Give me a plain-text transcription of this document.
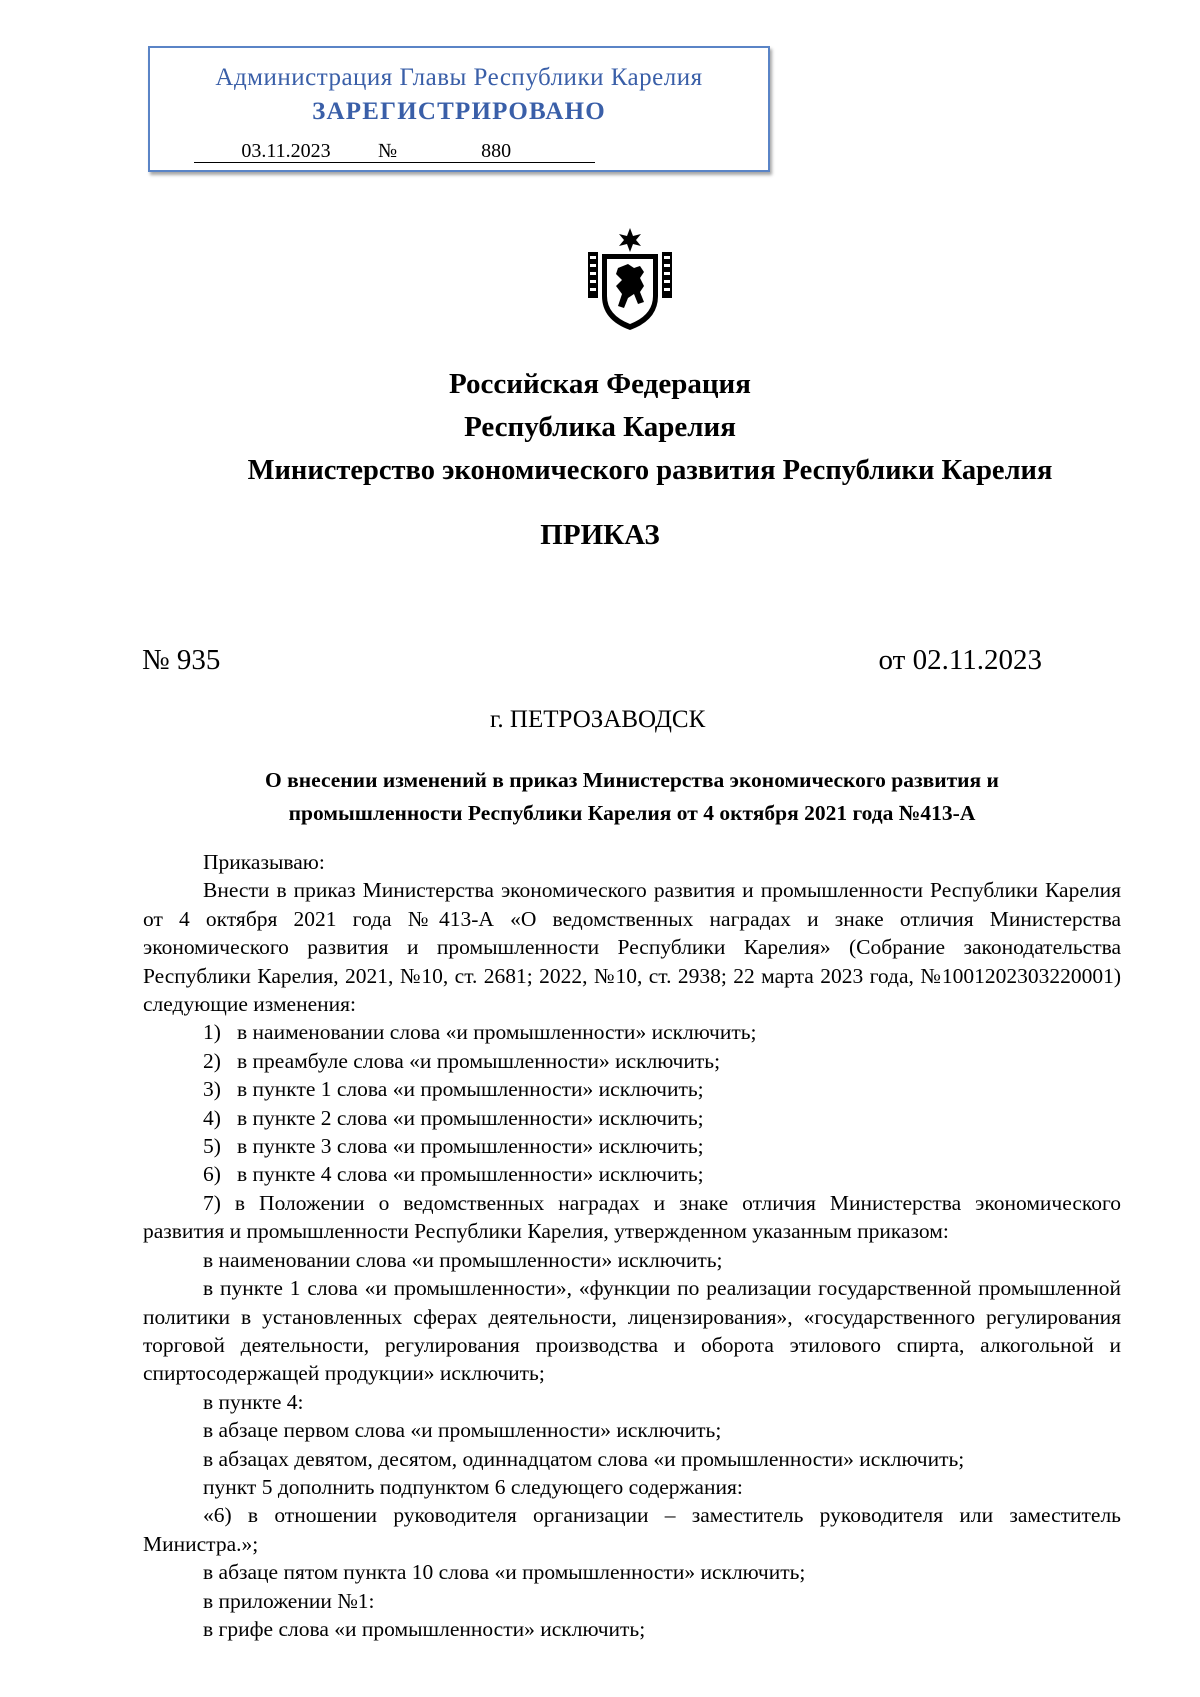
Администрация Главы Республики Карелия
ЗАРЕГИСТРИРОВАНО
03.11.2023 №	880
Российская Федерация
Республика Карелия
Министерство экономического развития Республики Карелия
ПРИКАЗ
№ 935	от 02.11.2023
г. ПЕТРОЗАВОДСК
О внесении изменений в приказ Министерства экономического развития и
промышленности Республики Карелия от 4 октября 2021 года №413-А
Приказываю:
Внести в приказ Министерства экономического развития и промышленности Республики Карелия от 4 октября 2021 года №413-А «О ведомственных наградах и знаке отличия Министерства экономического развития и промышленности Республики Карелия» (Собрание законодательства Республики Карелия, 2021, №10, ст. 2681; 2022, №10, ст. 2938; 22 марта 2023 года, №1001202303220001) следующие изменения:
1) в наименовании слова «и промышленности» исключить;
2) в преамбуле слова «и промышленности» исключить;
3) в пункте 1 слова «и промышленности» исключить;
4) в пункте 2 слова «и промышленности» исключить;
5) в пункте 3 слова «и промышленности» исключить;
6) в пункте 4 слова «и промышленности» исключить;
7) в Положении о ведомственных наградах и знаке отличия Министерства экономического развития и промышленности Республики Карелия, утвержденном указанным приказом:
в наименовании слова «и промышленности» исключить;
в пункте 1 слова «и промышленности», «функции по реализации государственной промышленной политики в установленных сферах деятельности, лицензирования», «государственного регулирования торговой деятельности, регулирования производства и оборота этилового спирта, алкогольной и спиртосодержащей продукции» исключить;
в пункте 4:
в абзаце первом слова «и промышленности» исключить;
в абзацах девятом, десятом, одиннадцатом слова «и промышленности» исключить;
пункт 5 дополнить подпунктом 6 следующего содержания:
«6) в отношении руководителя организации – заместитель руководителя или заместитель Министра.»;
в абзаце пятом пункта 10 слова «и промышленности» исключить;
в приложении №1:
в грифе слова «и промышленности» исключить;
